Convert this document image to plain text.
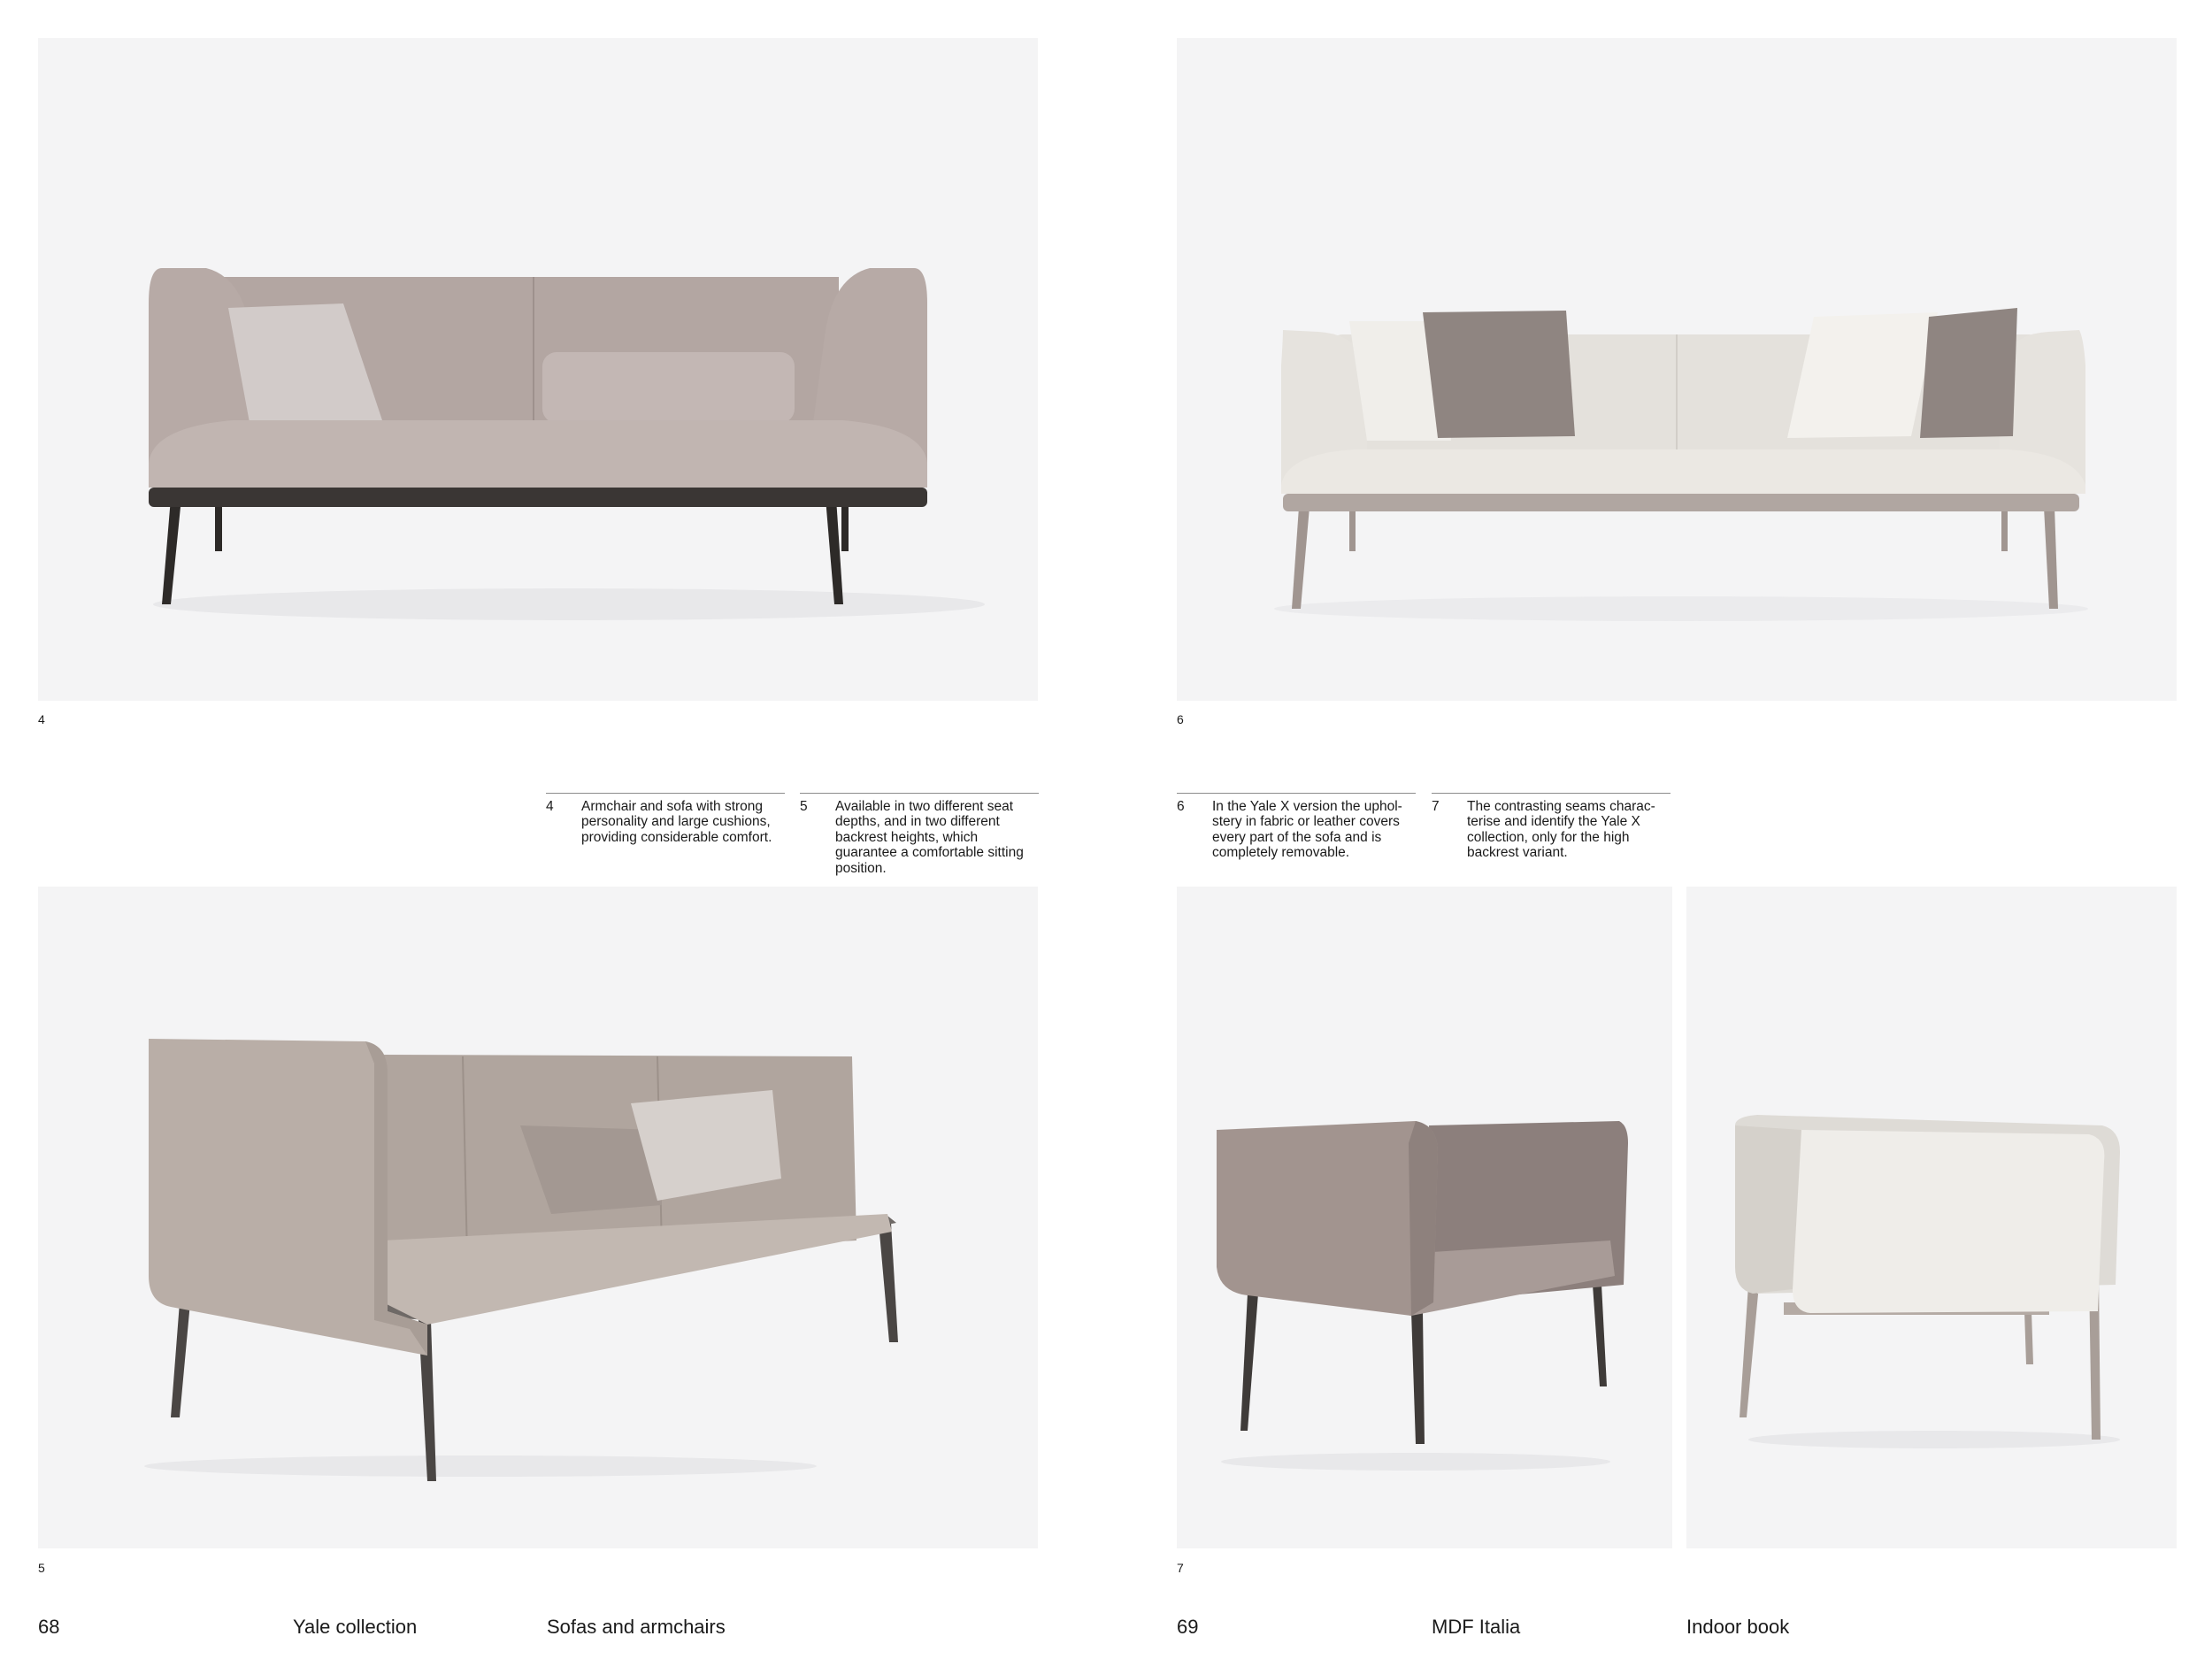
4	6
4 Armchair and sofa with strong personality and large cushions, providing considerable comfort.
5 Available in two different seat depths, and in two different backrest heights, which guarantee a comfortable sitting position.
6 In the Yale X version the uphol-stery in fabric or leather covers every part of the sofa and is completely removable.
7 The contrasting seams charac-terise and identify the Yale X collection, only for the high backrest variant.
5	7
68	Yale collection	Sofas and armchairs	69	MDF Italia	Indoor book
